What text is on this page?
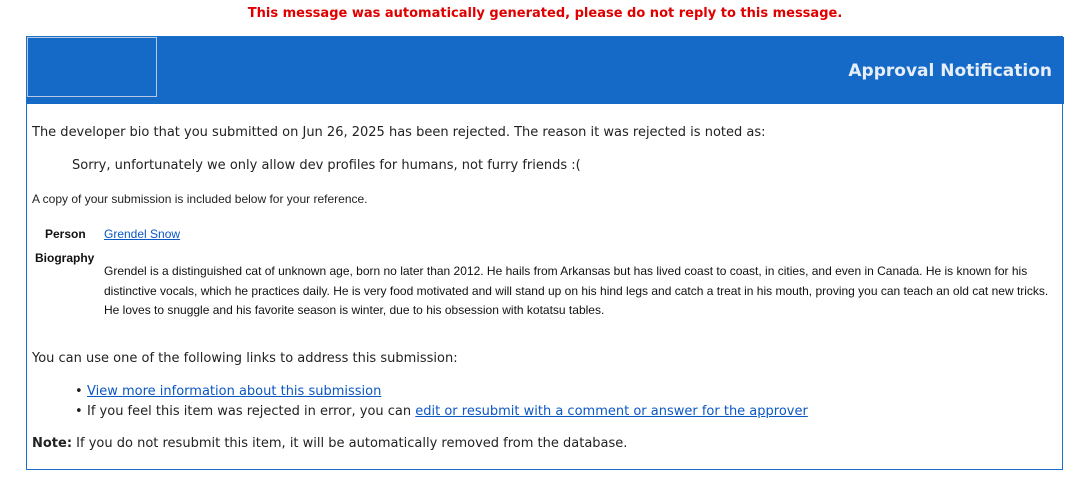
This message was automatically generated, please do not reply to this message.
Approval Notification
The developer bio that you submitted on Jun 26, 2025 has been rejected. The reason it was rejected is noted as:
Sorry, unfortunately we only allow dev profiles for humans, not furry friends :(
A copy of your submission is included below for your reference.
Person Grendel Snow
Biography
Grendel is a distinguished cat of unknown age, born no later than 2012. He hails from Arkansas but has lived coast to coast, in cities, and even in Canada. He is known for his distinctive vocals, which he practices daily. He is very food motivated and will stand up on his hind legs and catch a treat in his mouth, proving you can teach an old cat new tricks. He loves to snuggle and his favorite season is winter, due to his obsession with kotatsu tables.
You can use one of the following links to address this submission:
• View more information about this submission
• If you feel this item was rejected in error, you can edit or resubmit with a comment or answer for the approver
Note: If you do not resubmit this item, it will be automatically removed from the database.
